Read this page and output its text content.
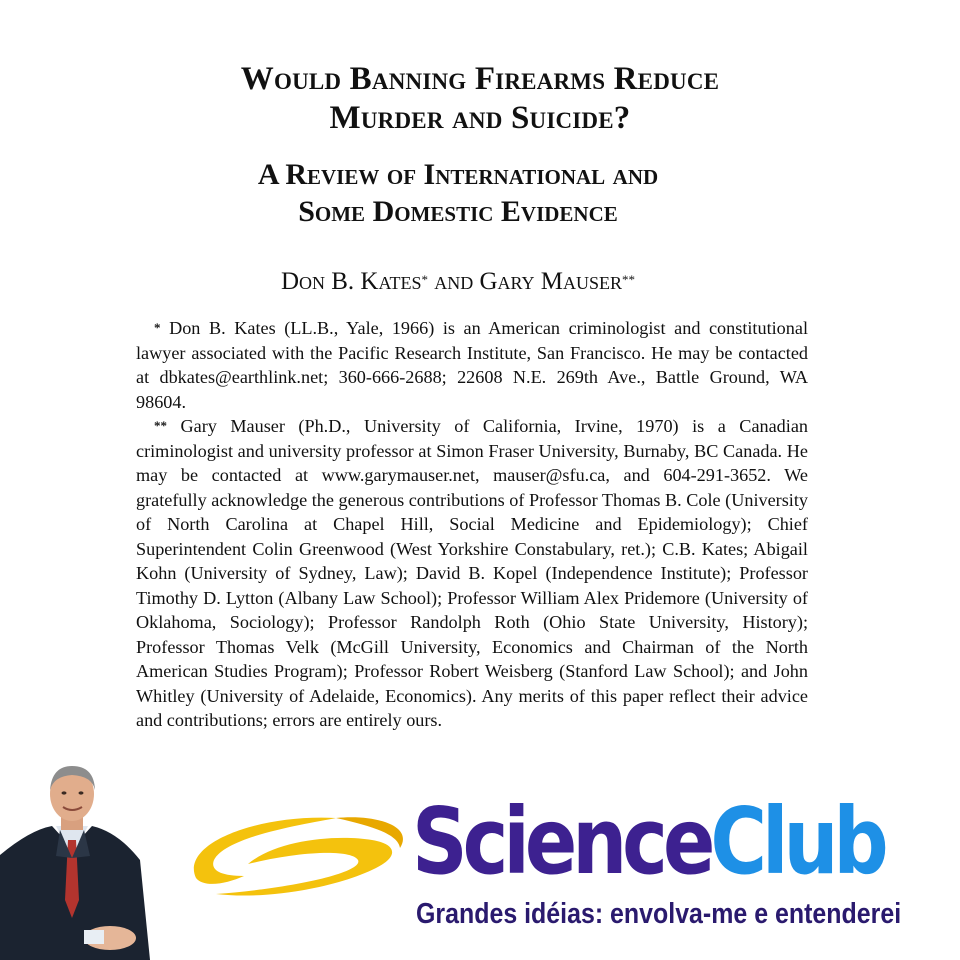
Would Banning Firearms Reduce
Murder and Suicide?
A Review of International and
Some Domestic Evidence
Don B. Kates* and Gary Mauser**

* Don B. Kates (LL.B., Yale, 1966) is an American criminologist and constitutional lawyer associated with the Pacific Research Institute, San Francisco. He may be contacted at dbkates@earthlink.net; 360-666-2688; 22608 N.E. 269th Ave., Battle Ground, WA 98604.

** Gary Mauser (Ph.D., University of California, Irvine, 1970) is a Canadian criminologist and university professor at Simon Fraser University, Burnaby, BC Canada. He may be contacted at www.garymauser.net, mauser@sfu.ca, and 604-291-3652. We gratefully acknowledge the generous contributions of Professor Thomas B. Cole (University of North Carolina at Chapel Hill, Social Medicine and Epidemiology); Chief Superintendent Colin Greenwood (West Yorkshire Constabulary, ret.); C.B. Kates; Abigail Kohn (University of Sydney, Law); David B. Kopel (Independence Institute); Professor Timothy D. Lytton (Albany Law School); Professor William Alex Pridemore (University of Oklahoma, Sociology); Professor Randolph Roth (Ohio State University, History); Professor Thomas Velk (McGill University, Economics and Chairman of the North American Studies Program); Professor Robert Weisberg (Stanford Law School); and John Whitley (University of Adelaide, Economics). Any merits of this paper reflect their advice and contributions; errors are entirely ours.

ScienceClub
Grandes idéias: envolva-me e entenderei
